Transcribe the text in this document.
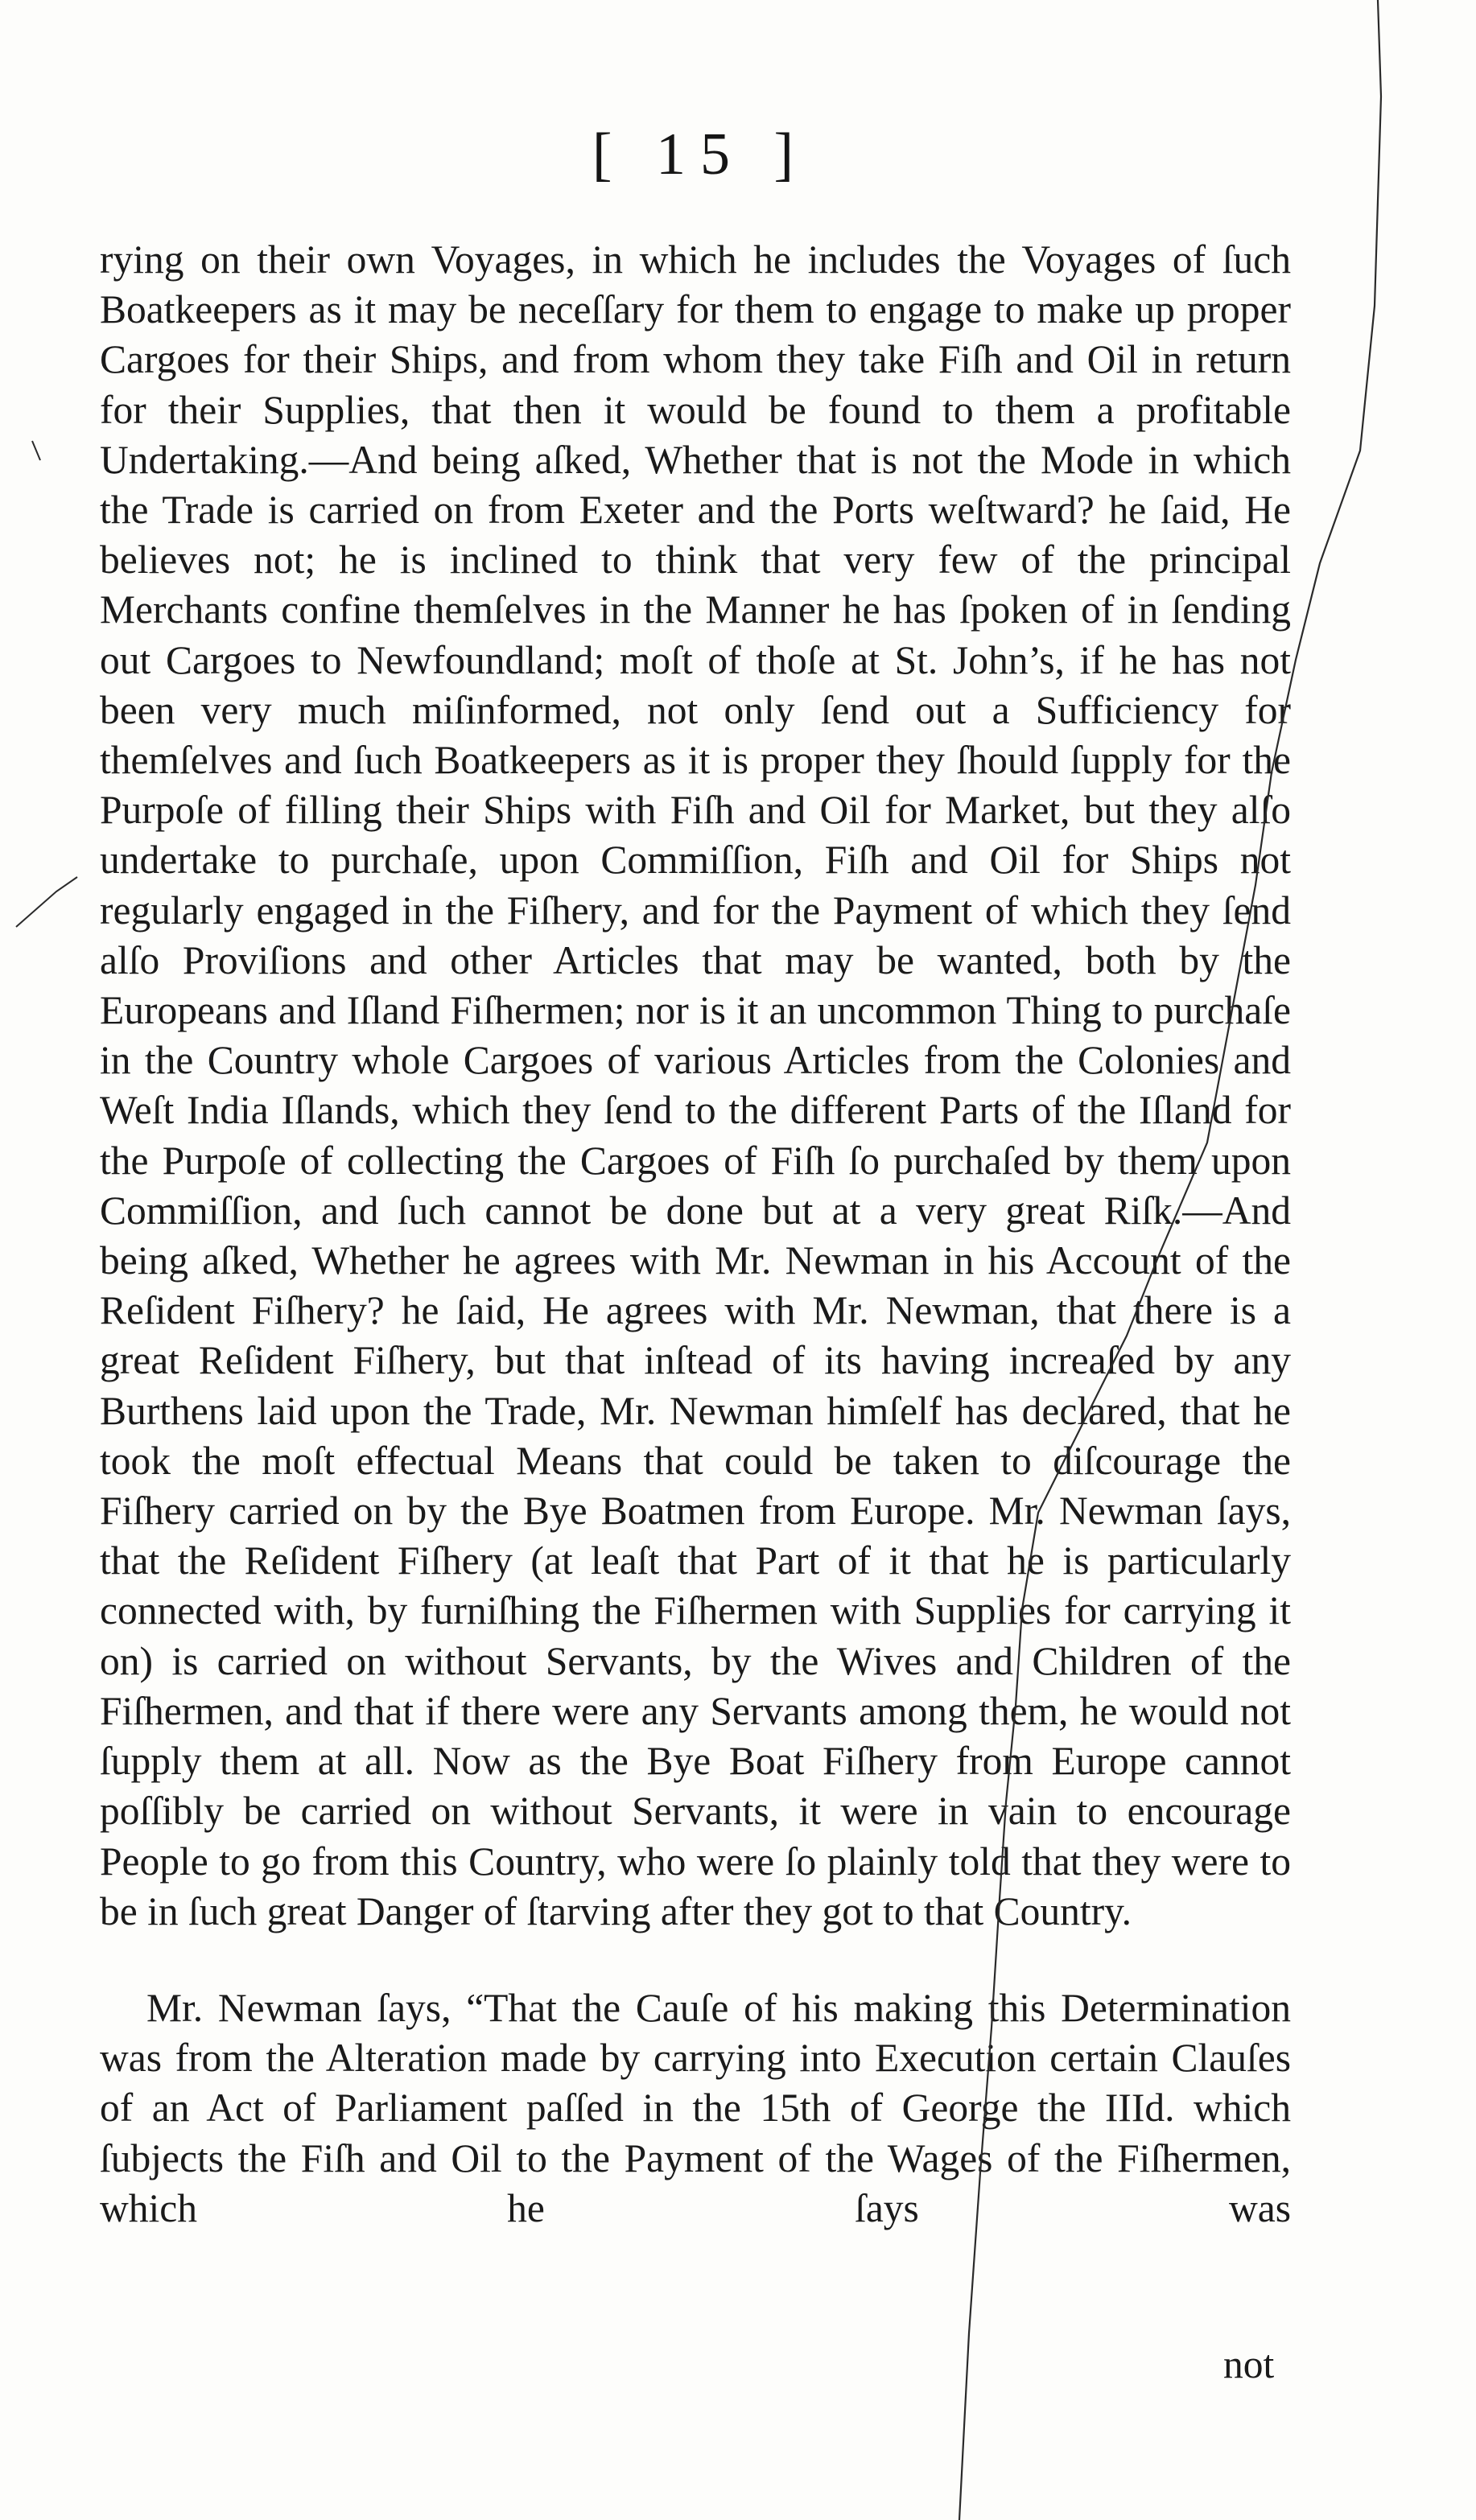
[ 15 ]

rying on their own Voyages, in which he includes the Voyages of ſuch Boatkeepers as it may be neceſſary for them to engage to make up proper Cargoes for their Ships, and from whom they take Fiſh and Oil in return for their Supplies, that then it would be found to them a profitable Undertaking.—And being aſked, Whether that is not the Mode in which the Trade is carried on from Exeter and the Ports weſtward? he ſaid, He believes not; he is inclined to think that very few of the principal Merchants confine themſelves in the Manner he has ſpoken of in ſending out Cargoes to Newfoundland; moſt of thoſe at St. John’s, if he has not been very much miſinformed, not only ſend out a Sufficiency for themſelves and ſuch Boatkeepers as it is proper they ſhould ſupply for the Purpoſe of filling their Ships with Fiſh and Oil for Market, but they alſo undertake to purchaſe, upon Commiſſion, Fiſh and Oil for Ships not regularly engaged in the Fiſhery, and for the Payment of which they ſend alſo Proviſions and other Articles that may be wanted, both by the Europeans and Iſland Fiſhermen; nor is it an uncommon Thing to purchaſe in the Country whole Cargoes of various Articles from the Colonies and Weſt India Iſlands, which they ſend to the different Parts of the Iſland for the Purpoſe of collecting the Cargoes of Fiſh ſo purchaſed by them upon Commiſſion, and ſuch cannot be done but at a very great Riſk.—And being aſked, Whether he agrees with Mr. Newman in his Account of the Reſident Fiſhery? he ſaid, He agrees with Mr. Newman, that there is a great Reſident Fiſhery, but that inſtead of its having increaſed by any Burthens laid upon the Trade, Mr. Newman himſelf has declared, that he took the moſt effectual Means that could be taken to diſcourage the Fiſhery carried on by the Bye Boatmen from Europe. Mr. Newman ſays, that the Reſident Fiſhery (at leaſt that Part of it that he is particularly connected with, by furniſhing the Fiſhermen with Supplies for carrying it on) is carried on without Servants, by the Wives and Children of the Fiſhermen, and that if there were any Servants among them, he would not ſupply them at all. Now as the Bye Boat Fiſhery from Europe cannot poſſibly be carried on without Servants, it were in vain to encourage People to go from this Country, who were ſo plainly told that they were to be in ſuch great Danger of ſtarving after they got to that Country.

Mr. Newman ſays, “That the Cauſe of his making this Determination was from the Alteration made by carrying into Execution certain Clauſes of an Act of Parliament paſſed in the 15th of George the IIId. which ſubjects the Fiſh and Oil to the Payment of the Wages of the Fiſhermen, which he ſays was

not
